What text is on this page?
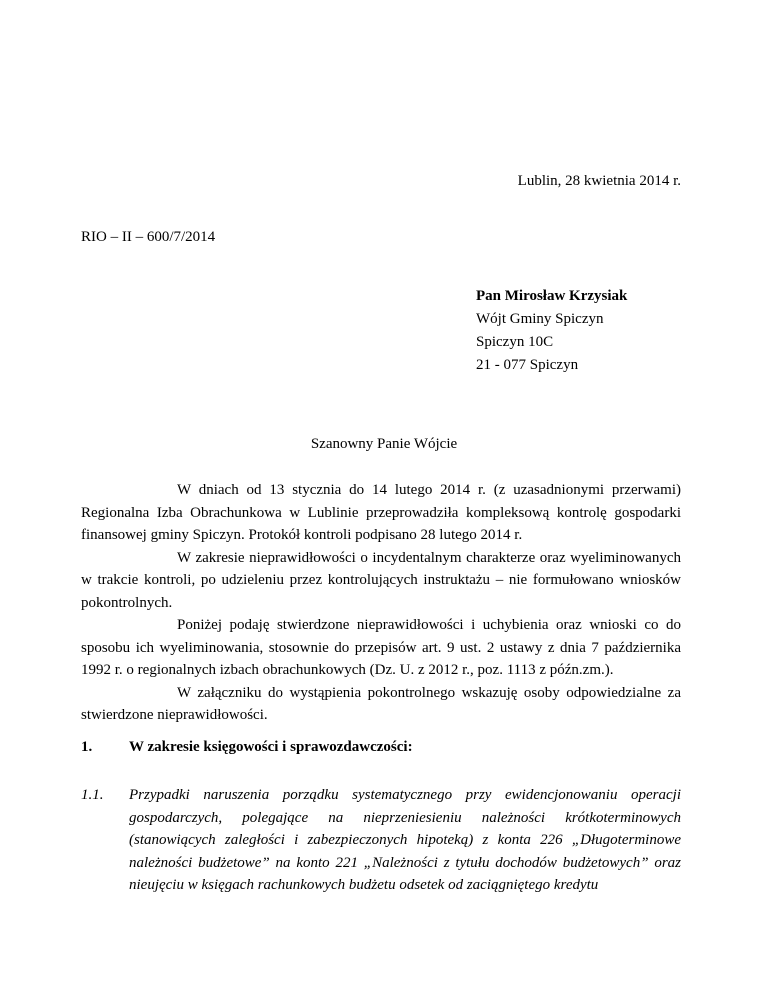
Lublin, 28 kwietnia 2014 r.
RIO – II – 600/7/2014
Pan Mirosław Krzysiak
Wójt Gminy Spiczyn
Spiczyn 10C
21 - 077 Spiczyn
Szanowny Panie Wójcie

W dniach od 13 stycznia do 14 lutego 2014 r. (z uzasadnionymi przerwami) Regionalna Izba Obrachunkowa w Lublinie przeprowadziła kompleksową kontrolę gospodarki finansowej gminy Spiczyn. Protokół kontroli podpisano 28 lutego 2014 r.

W zakresie nieprawidłowości o incydentalnym charakterze oraz wyeliminowanych w trakcie kontroli, po udzieleniu przez kontrolujących instruktażu – nie formułowano wniosków pokontrolnych.

Poniżej podaję stwierdzone nieprawidłowości i uchybienia oraz wnioski co do sposobu ich wyeliminowania, stosownie do przepisów art. 9 ust. 2 ustawy z dnia 7 października 1992 r. o regionalnych izbach obrachunkowych (Dz. U. z 2012 r., poz. 1113 z późn.zm.).

W załączniku do wystąpienia pokontrolnego wskazuję osoby odpowiedzialne za stwierdzone nieprawidłowości.

1. W zakresie księgowości i sprawozdawczości:
1.1. Przypadki naruszenia porządku systematycznego przy ewidencjonowaniu operacji gospodarczych, polegające na nieprzeniesieniu należności krótkoterminowych (stanowiących zaległości i zabezpieczonych hipoteką) z konta 226 „Długoterminowe należności budżetowe” na konto 221 „Należności z tytułu dochodów budżetowych” oraz nieujęciu w księgach rachunkowych budżetu odsetek od zaciągniętego kredytu
